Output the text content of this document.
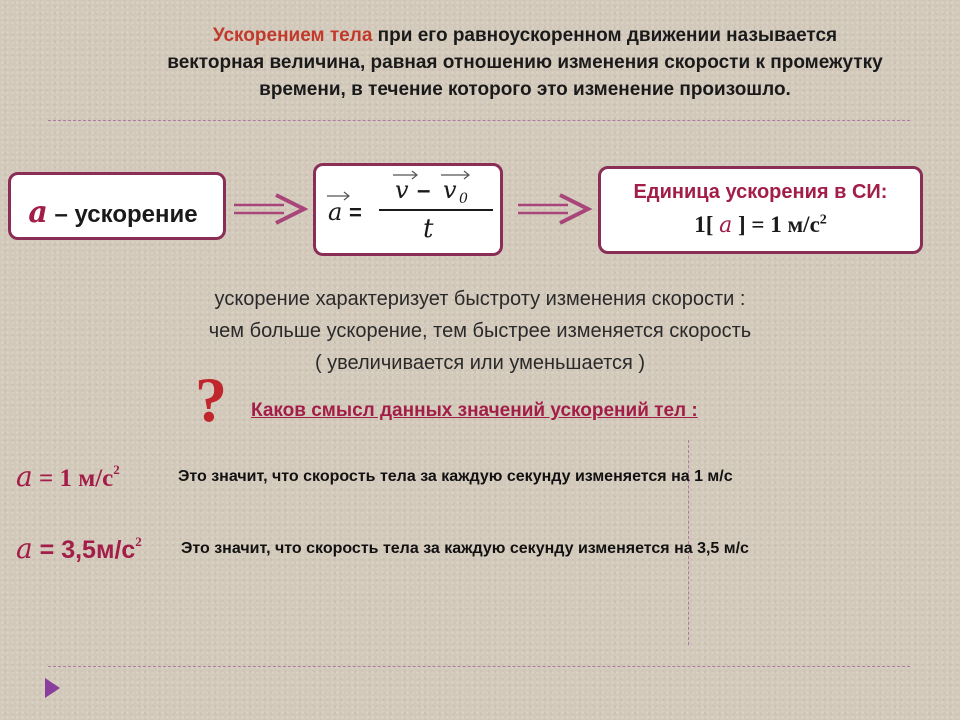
Ускорением тела при его равноускоренном движении называется
векторная величина, равная отношению изменения скорости к промежутку
времени, в течение которого это изменение произошло.
a – ускорение	a =
v – v 0
t
Единица ускорения в СИ:
1[ a ] = 1 $м/с^2$
ускорение характеризует быстроту изменения скорости :
чем больше ускорение, тем быстрее изменяется скорость
( увеличивается или уменьшается )
? Каков смысл данных значений ускорений тел :
a = 1 $м/с^2$	Это значит, что скорость тела за каждую секунду изменяется на 1 м/с
$a = 3,5м/с^2$ Это значит, что скорость тела за каждую секунду изменяется на 3,5 м/с
